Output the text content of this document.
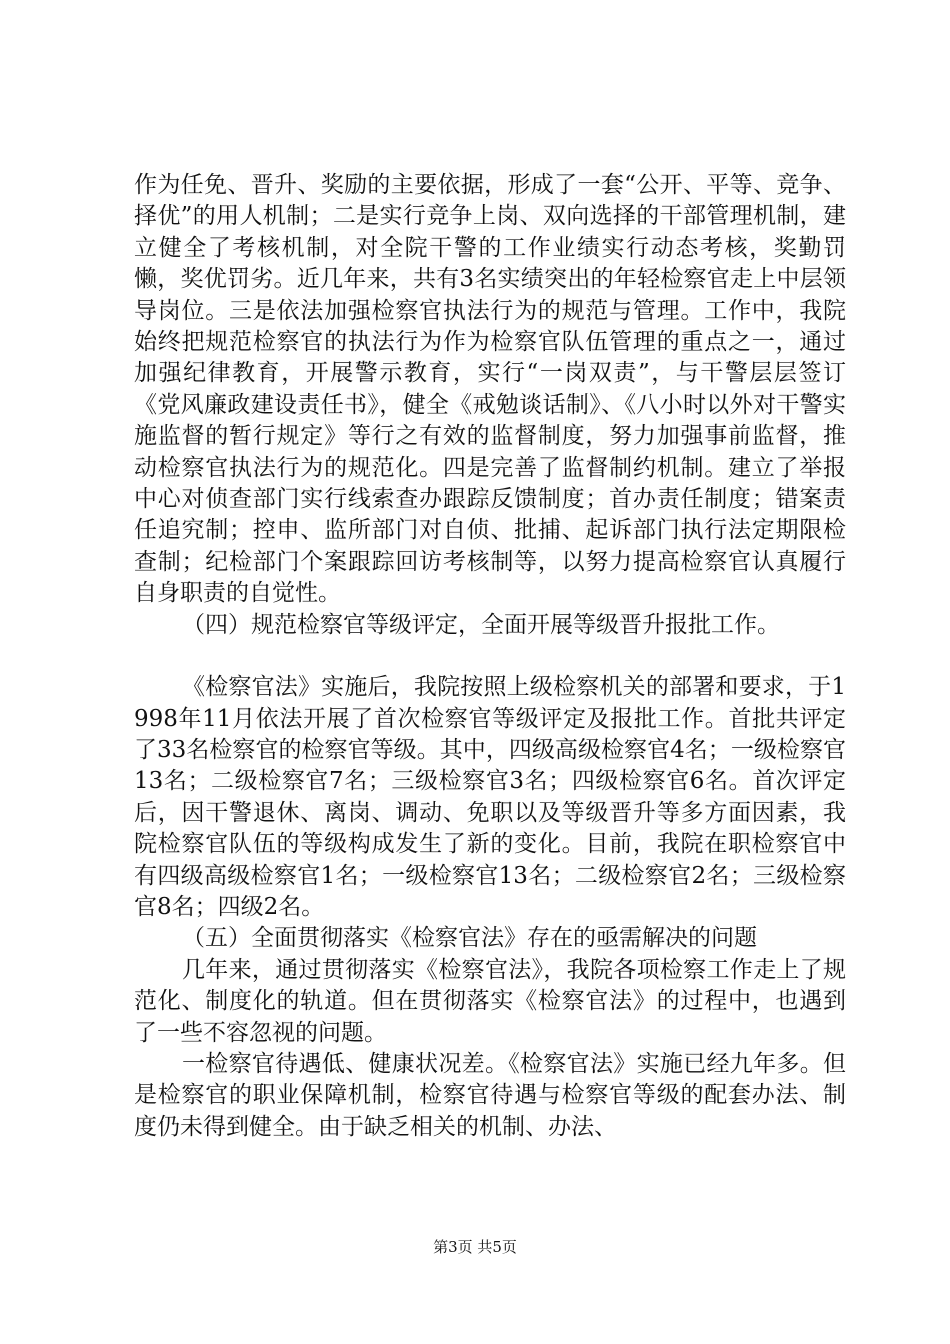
作为任免、晋升、奖励的主要依据，形成了一套“公开、平等、竞争、择优”的用人机制；二是实行竞争上岗、双向选择的干部管理机制，建立健全了考核机制，对全院干警的工作业绩实行动态考核，奖勤罚懒，奖优罚劣。近几年来，共有3名实绩突出的年轻检察官走上中层领导岗位。三是依法加强检察官执法行为的规范与管理。工作中，我院始终把规范检察官的执法行为作为检察官队伍管理的重点之一，通过加强纪律教育，开展警示教育，实行“一岗双责”，与干警层层签订《党风廉政建设责任书》，健全《戒勉谈话制》、《八小时以外对干警实施监督的暂行规定》等行之有效的监督制度，努力加强事前监督，推动检察官执法行为的规范化。四是完善了监督制约机制。建立了举报中心对侦查部门实行线索查办跟踪反馈制度；首办责任制度；错案责任追究制；控申、监所部门对自侦、批捕、起诉部门执行法定期限检查制；纪检部门个案跟踪回访考核制等，以努力提高检察官认真履行自身职责的自觉性。

（四）规范检察官等级评定，全面开展等级晋升报批工作。

《检察官法》实施后，我院按照上级检察机关的部署和要求，于1998年11月依法开展了首次检察官等级评定及报批工作。首批共评定了33名检察官的检察官等级。其中，四级高级检察官4名；一级检察官13名；二级检察官7名；三级检察官3名；四级检察官6名。首次评定后，因干警退休、离岗、调动、免职以及等级晋升等多方面因素，我院检察官队伍的等级构成发生了新的变化。目前，我院在职检察官中有四级高级检察官1名；一级检察官13名；二级检察官2名；三级检察官8名；四级2名。

（五）全面贯彻落实《检察官法》存在的亟需解决的问题

几年来，通过贯彻落实《检察官法》，我院各项检察工作走上了规范化、制度化的轨道。但在贯彻落实《检察官法》的过程中，也遇到了一些不容忽视的问题。

一检察官待遇低、健康状况差。《检察官法》实施已经九年多。但是检察官的职业保障机制，检察官待遇与检察官等级的配套办法、制度仍未得到健全。由于缺乏相关的机制、办法、

第3页 共5页
